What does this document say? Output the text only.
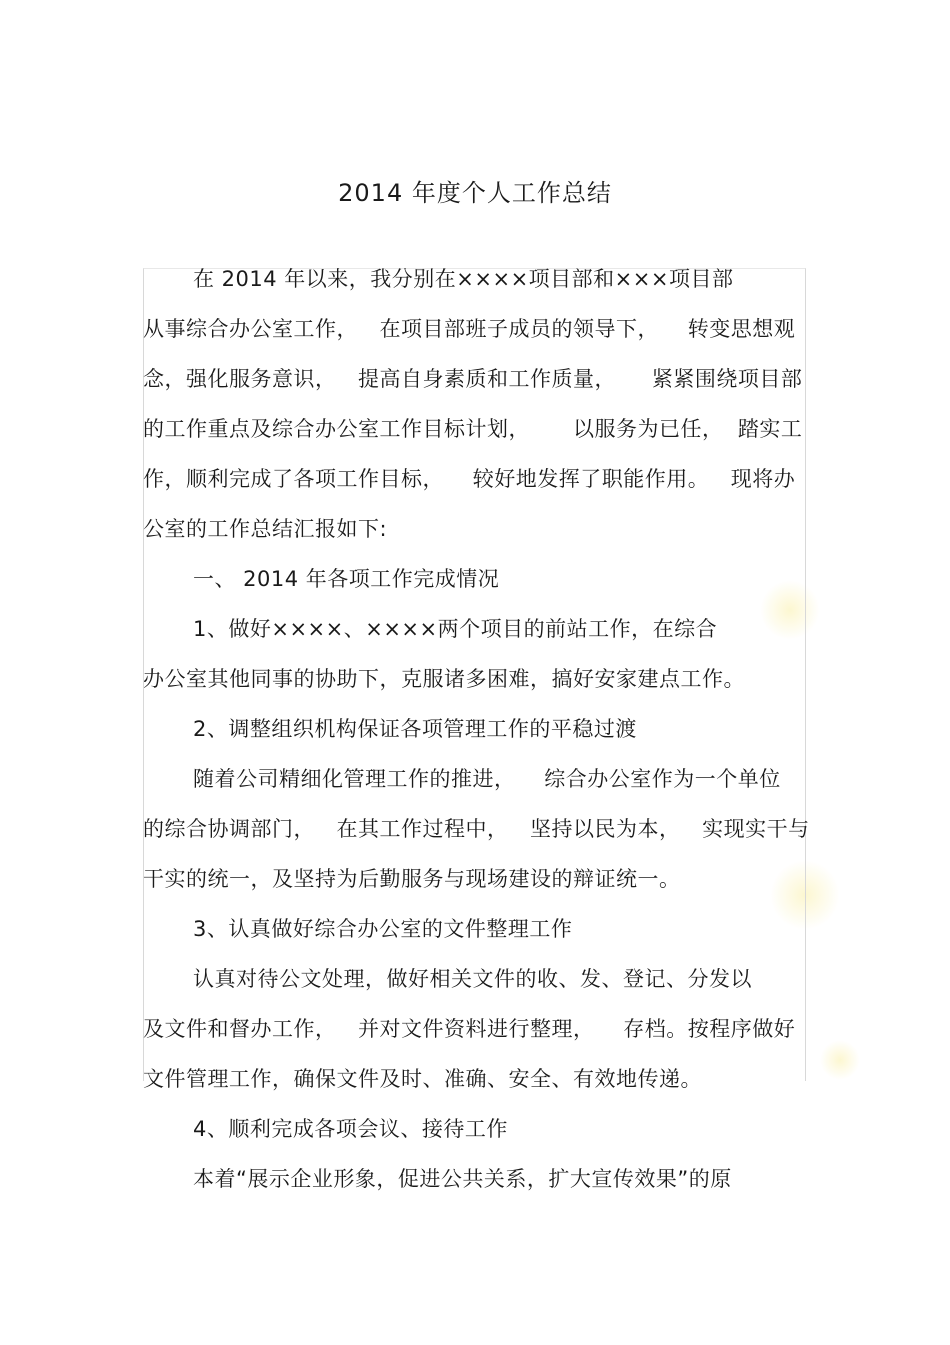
2014 年度个人工作总结
在 2014 年以来，我分别在××××项目部和×××项目部
从事综合办公室工作，   在项目部班子成员的领导下，    转变思想观
念，强化服务意识，   提高自身素质和工作质量，     紧紧围绕项目部
的工作重点及综合办公室工作目标计划，      以服务为已任，  踏实工
作，顺利完成了各项工作目标，    较好地发挥了职能作用。   现将办
公室的工作总结汇报如下:
一、 2014 年各项工作完成情况
1、做好××××、××××两个项目的前站工作，在综合
办公室其他同事的协助下，克服诸多困难，搞好安家建点工作。
2、调整组织机构保证各项管理工作的平稳过渡
随着公司精细化管理工作的推进，    综合办公室作为一个单位
的综合协调部门，   在其工作过程中，   坚持以民为本，   实现实干与
干实的统一，及坚持为后勤服务与现场建设的辩证统一。
3、认真做好综合办公室的文件整理工作
认真对待公文处理，做好相关文件的收、发、登记、分发以
及文件和督办工作，   并对文件资料进行整理，    存档。按程序做好
文件管理工作，确保文件及时、准确、安全、有效地传递。
4、顺利完成各项会议、接待工作
本着“展示企业形象，促进公共关系，扩大宣传效果”的原
